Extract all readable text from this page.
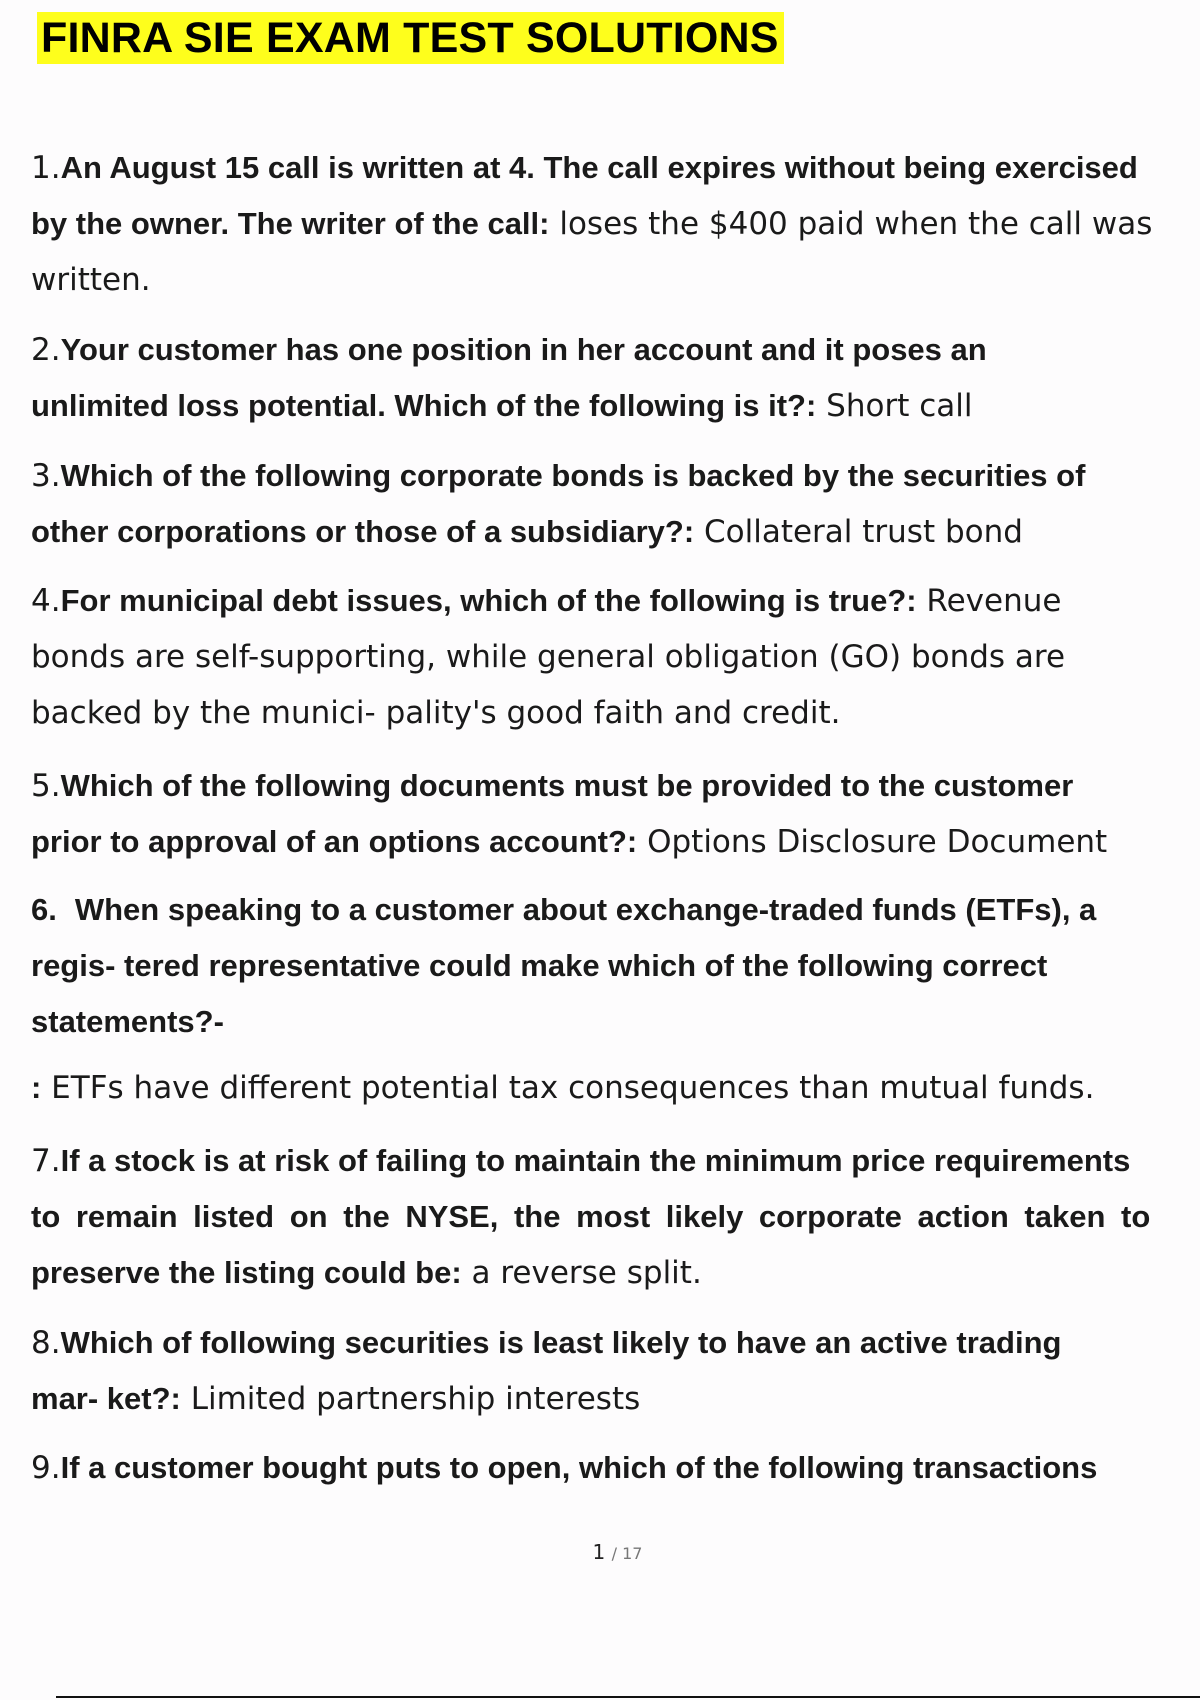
FINRA SIE EXAM TEST SOLUTIONS
1.An August 15 call is written at 4. The call expires without being exercised
by the owner. The writer of the call: loses the $400 paid when the call was
written.
2.Your customer has one position in her account and it poses an
unlimited loss potential. Which of the following is it?: Short call
3.Which of the following corporate bonds is backed by the securities of
other corporations or those of a subsidiary?: Collateral trust bond
4.For municipal debt issues, which of the following is true?: Revenue
bonds are self-supporting, while general obligation (GO) bonds are
backed by the munici- pality's good faith and credit.
5.Which of the following documents must be provided to the customer
prior to approval of an options account?: Options Disclosure Document
6. When speaking to a customer about exchange-traded funds (ETFs), a
regis- tered representative could make which of the following correct
statements?-
: ETFs have different potential tax consequences than mutual funds.
7.If a stock is at risk of failing to maintain the minimum price requirements
to remain listed on the NYSE, the most likely corporate action taken to
preserve the listing could be: a reverse split.
8.Which of following securities is least likely to have an active trading
mar- ket?: Limited partnership interests
9.If a customer bought puts to open, which of the following transactions
1 / 17
